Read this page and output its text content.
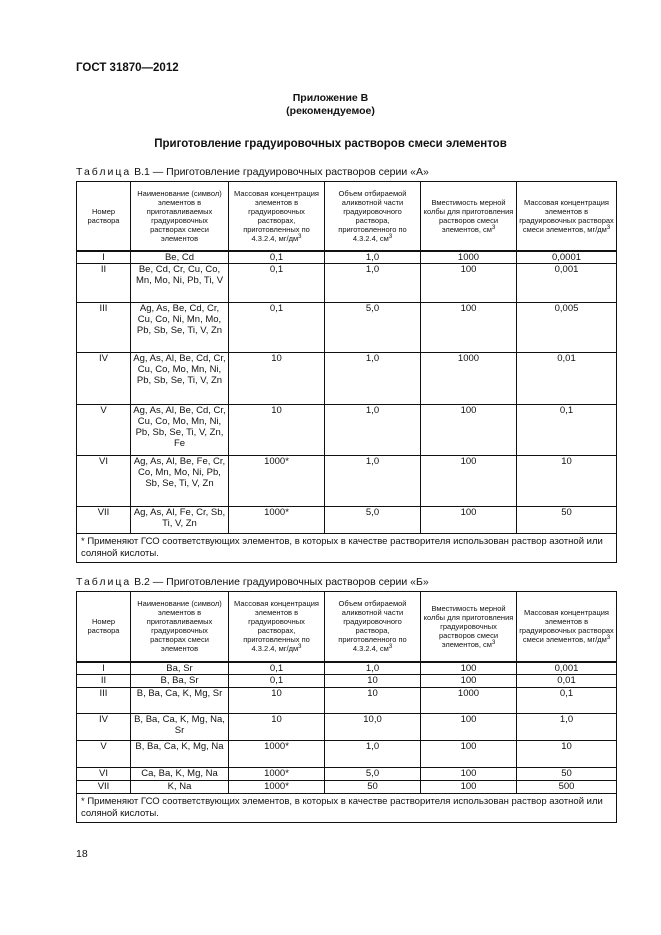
ГОСТ 31870—2012
Приложение В
(рекомендуемое)
Приготовление градуировочных растворов смеси элементов
Таблица В.1 — Приготовление градуировочных растворов серии «А»
Номер раствора	Наименование (символ) элементов в приготавливаемых градуировочных растворах смеси элементов	Массовая концентрация элементов в градуировочных растворах, приготовленных по 4.3.2.4, $мг/дм^3$	Объем отбираемой аликвотной части градуировочного раствора, приготовленного по 4.3.2.4, $см^3$	Вместимость мерной колбы для приготовления растворов смеси элементов, $см^3$	Массовая концентрация элементов в градуировочных растворах смеси элементов, $мг/дм^3$
I	Be, Cd	0,1	1,0	1000	0,0001
II	Be, Cd, Cr, Cu, Co, Mn, Mo, Ni, Pb, Ti, V	0,1	1,0	100	0,001
III	Ag, As, Be, Cd, Cr, Cu, Co, Ni, Mn, Mo, Pb, Sb, Se, Ti, V, Zn	0,1	5,0	100	0,005
IV	Ag, As, Al, Be, Cd, Cr, Cu, Co, Mo, Mn, Ni, Pb, Sb, Se, Ti, V, Zn	10	1,0	1000	0,01
V	Ag, As, Al, Be, Cd, Cr, Cu, Co, Mo, Mn, Ni, Pb, Sb, Se, Ti, V, Zn, Fe	10	1,0	100	0,1
VI	Ag, As, Al, Be, Fe, Cr, Co, Mn, Mo, Ni, Pb, Sb, Se, Ti, V, Zn	1000*	1,0	100	10
VII	Ag, As, Al, Fe, Cr, Sb, Ti, V, Zn	1000*	5,0	100	50
* Применяют ГСО соответствующих элементов, в которых в качестве растворителя использован раствор азотной или соляной кислоты.					
Таблица В.2 — Приготовление градуировочных растворов серии «Б»
Номер раствора	Наименование (символ) элементов в приготавливаемых градуировочных растворах смеси элементов	Массовая концентрация элементов в градуировочных растворах, приготовленных по 4.3.2.4, $мг/дм^3$	Объем отбираемой аликвотной части градуировочного раствора, приготовленного по 4.3.2.4, $см^3$	Вместимость мерной колбы для приготовления градуировочных растворов смеси элементов, $см^3$	Массовая концентрация элементов в градуировочных растворах смеси элементов, $мг/дм^3$
I	Ba, Sr	0,1	1,0	100	0,001
II	B, Ba, Sr	0,1	10	100	0,01
III	B, Ba, Ca, K, Mg, Sr	10	10	1000	0,1
IV	B, Ba, Ca, K, Mg, Na, Sr	10	10,0	100	1,0
V	B, Ba, Ca, K, Mg, Na	1000*	1,0	100	10
VI	Ca, Ba, K, Mg, Na	1000*	5,0	100	50
VII	K, Na	1000*	50	100	500
* Применяют ГСО соответствующих элементов, в которых в качестве растворителя использован раствор азотной или соляной кислоты.					
18
